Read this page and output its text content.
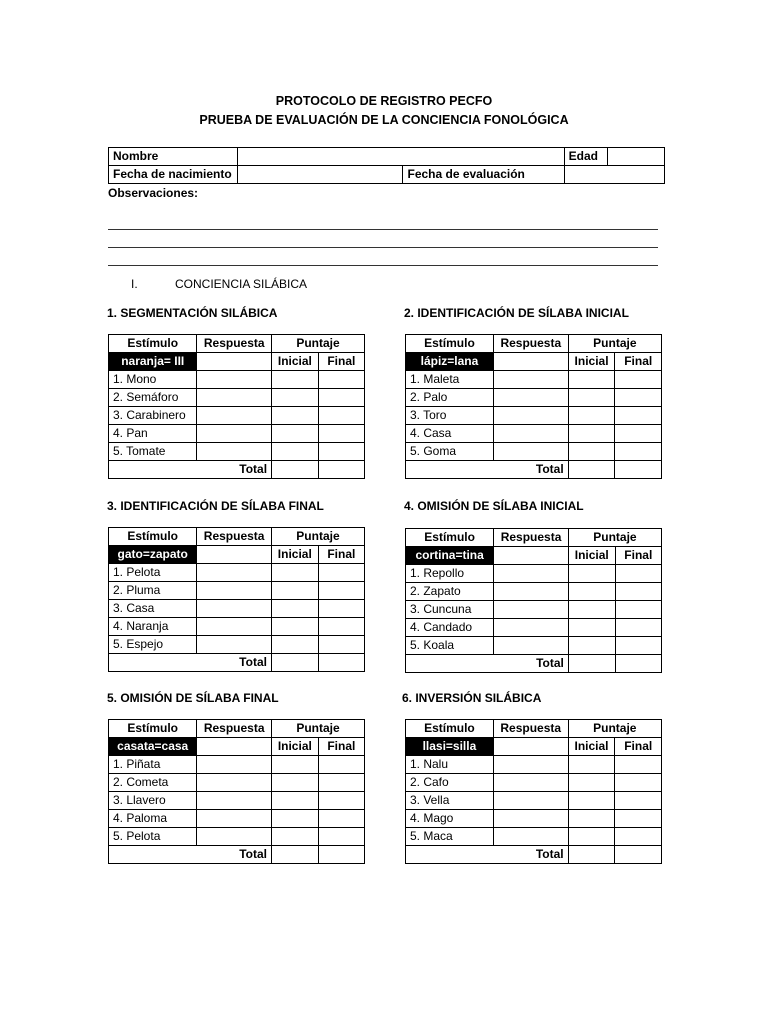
PROTOCOLO DE REGISTRO PECFO
PRUEBA DE EVALUACIÓN DE LA CONCIENCIA FONOLÓGICA
Nombre			Edad	
Fecha de nacimiento		Fecha de evaluación		
Observaciones:
I.	CONCIENCIA SILÁBICA
1. SEGMENTACIÓN SILÁBICA
Estímulo	Respuesta	Puntaje	
naranja= III		Inicial	Final
1. Mono			
2. Semáforo			
3. Carabinero			
4. Pan			
5. Tomate			
Total			
2. IDENTIFICACIÓN DE SÍLABA INICIAL
Estímulo	Respuesta	Puntaje	
lápiz=lana		Inicial	Final
1. Maleta			
2. Palo			
3. Toro			
4. Casa			
5. Goma			
Total			
3. IDENTIFICACIÓN DE SÍLABA FINAL
Estímulo	Respuesta	Puntaje	
gato=zapato		Inicial	Final
1. Pelota			
2. Pluma			
3. Casa			
4. Naranja			
5. Espejo			
Total			
4. OMISIÓN DE SÍLABA INICIAL
Estímulo	Respuesta	Puntaje	
cortina=tina		Inicial	Final
1. Repollo			
2. Zapato			
3. Cuncuna			
4. Candado			
5. Koala			
Total			
5. OMISIÓN DE SÍLABA FINAL
Estímulo	Respuesta	Puntaje	
casata=casa		Inicial	Final
1. Piñata			
2. Cometa			
3. Llavero			
4. Paloma			
5. Pelota			
Total			
6. INVERSIÓN SILÁBICA
Estímulo	Respuesta	Puntaje	
llasi=silla		Inicial	Final
1. Nalu			
2. Cafo			
3. Vella			
4. Mago			
5. Maca			
Total			
